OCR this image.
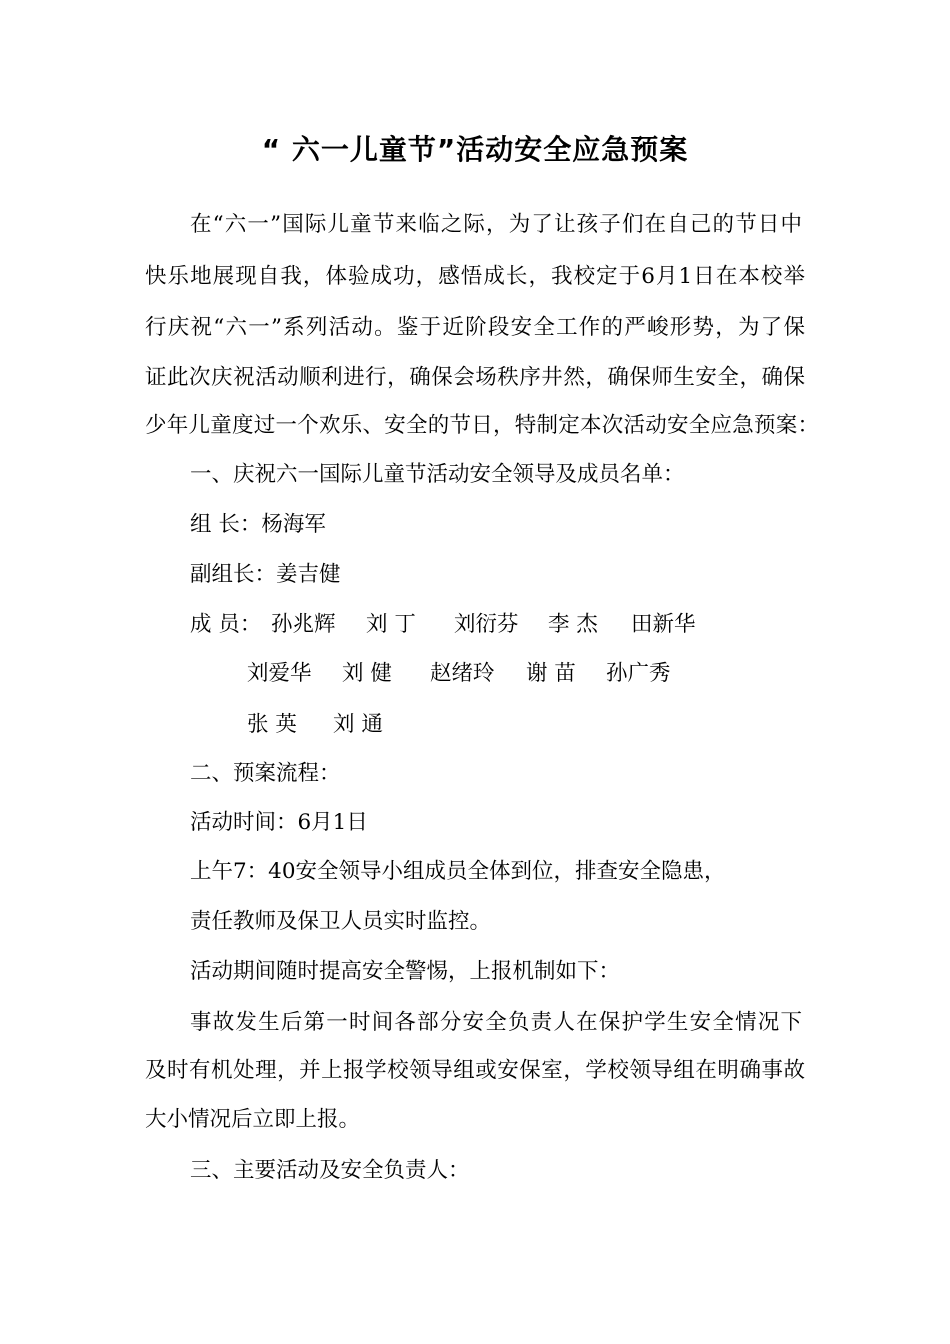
“ 六一儿童节”活动安全应急预案
在“六一”国际儿童节来临之际，为了让孩子们在自己的节日中
快乐地展现自我，体验成功，感悟成长，我校定于6月1日在本校举
行庆祝“六一”系列活动。鉴于近阶段安全工作的严峻形势，为了保
证此次庆祝活动顺利进行，确保会场秩序井然，确保师生安全，确保
少年儿童度过一个欢乐、安全的节日，特制定本次活动安全应急预案：
一、庆祝六一国际儿童节活动安全领导及成员名单：
组 长：杨海军
副组长：姜吉健
成 员： 孙兆辉 刘 丁 刘衍芬 李 杰 田新华
刘爱华 刘 健 赵绪玲 谢 苗 孙广秀
张 英 刘 通
二、预案流程：
活动时间：6月1日
上午7：40安全领导小组成员全体到位，排查安全隐患，
责任教师及保卫人员实时监控。
活动期间随时提高安全警惕，上报机制如下：
事故发生后第一时间各部分安全负责人在保护学生安全情况下
及时有机处理，并上报学校领导组或安保室，学校领导组在明确事故
大小情况后立即上报。
三、主要活动及安全负责人：
